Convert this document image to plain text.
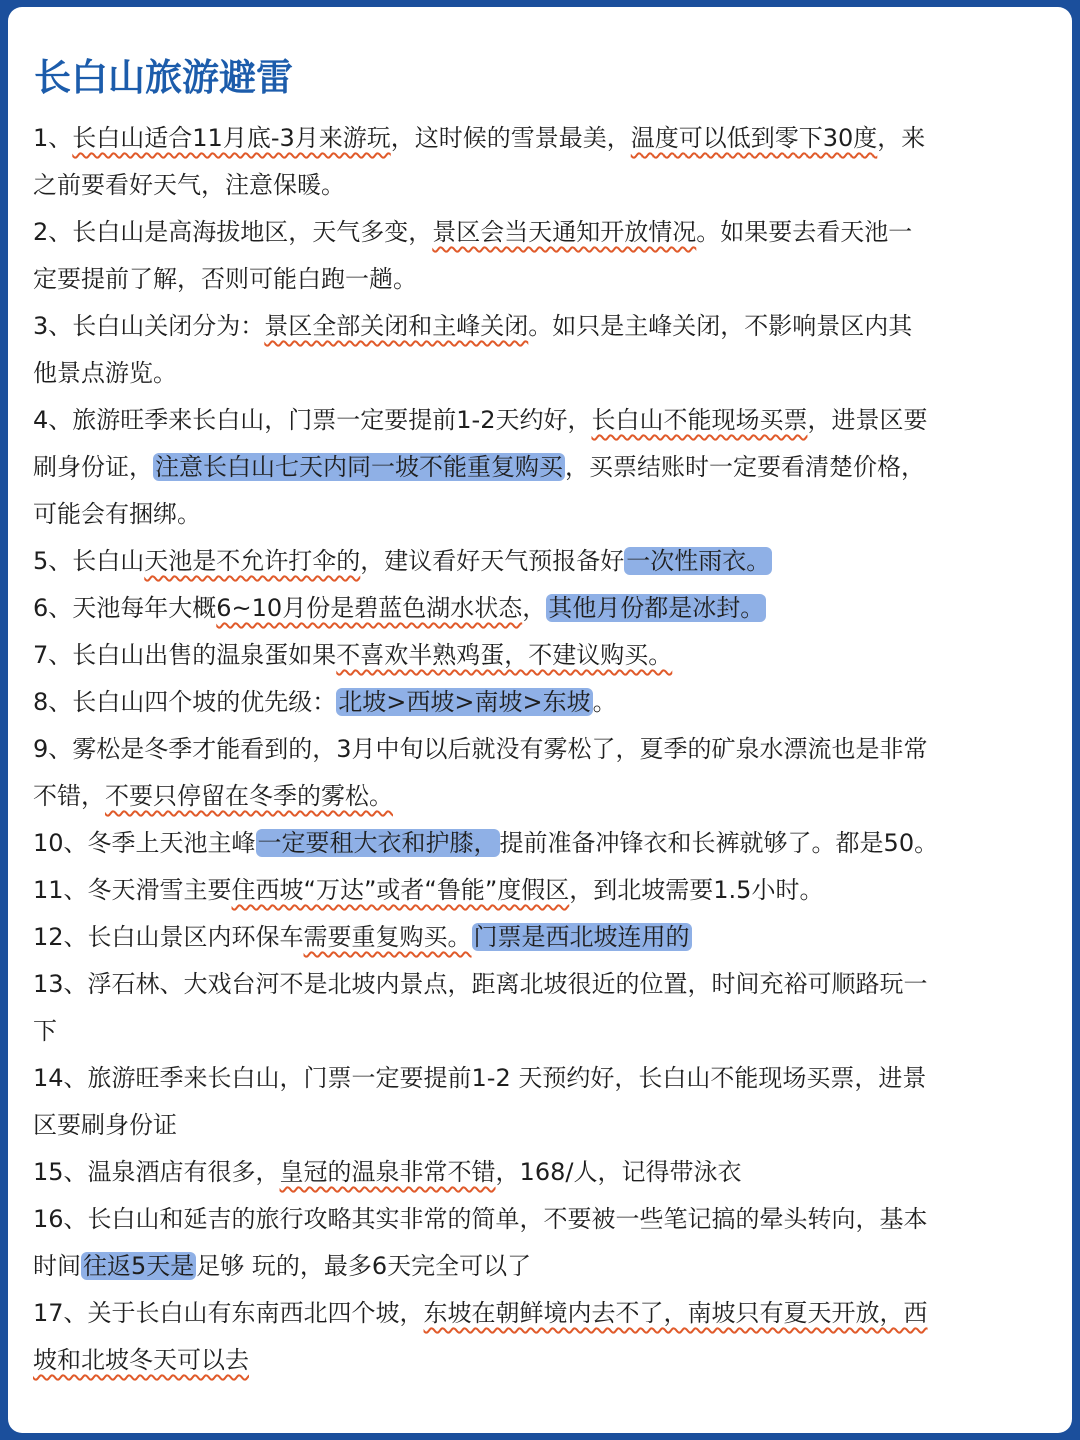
长白山旅游避雷

1、长白山适合11月底-3月来游玩，这时候的雪景最美，温度可以低到零下30度，来
之前要看好天气，注意保暖。

2、长白山是高海拔地区，天气多变，景区会当天通知开放情况。如果要去看天池一
定要提前了解，否则可能白跑一趟。

3、长白山关闭分为：景区全部关闭和主峰关闭。如只是主峰关闭，不影响景区内其
他景点游览。

4、旅游旺季来长白山，门票一定要提前1-2天约好，长白山不能现场买票，进景区要
刷身份证，注意长白山七天内同一坡不能重复购买，买票结账时一定要看清楚价格，
可能会有捆绑。

5、长白山天池是不允许打伞的，建议看好天气预报备好一次性雨衣。

6、天池每年大概6~10月份是碧蓝色湖水状态，其他月份都是冰封。

7、长白山出售的温泉蛋如果不喜欢半熟鸡蛋，不建议购买。

8、长白山四个坡的优先级：北坡>西坡>南坡>东坡。

9、雾松是冬季才能看到的，3月中旬以后就没有雾松了，夏季的矿泉水漂流也是非常
不错，不要只停留在冬季的雾松。

10、冬季上天池主峰一定要租大衣和护膝，提前准备冲锋衣和长裤就够了。都是50。

11、冬天滑雪主要住西坡“万达”或者“鲁能”度假区，到北坡需要1.5小时。

12、长白山景区内环保车需要重复购买。门票是西北坡连用的

13、浮石林、大戏台河不是北坡内景点，距离北坡很近的位置，时间充裕可顺路玩一
下

14、旅游旺季来长白山，门票一定要提前1-2 天预约好，长白山不能现场买票，进景
区要刷身份证

15、温泉酒店有很多，皇冠的温泉非常不错，168/人，记得带泳衣

16、长白山和延吉的旅行攻略其实非常的简单，不要被一些笔记搞的晕头转向，基本
时间往返5天是足够 玩的，最多6天完全可以了

17、关于长白山有东南西北四个坡，东坡在朝鲜境内去不了，南坡只有夏天开放，西
坡和北坡冬天可以去
